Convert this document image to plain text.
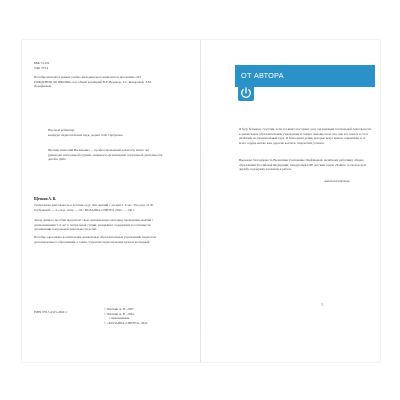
ББК 74.102

УДК 373.2

Пособие выходит в рамках учебно-методического комплекта к программе «ОТ РОЖДЕНИЯ ДО ШКОЛЫ» под общей редакцией Н.Е. Вераксы, Т.С. Комаровой, Э.М. Дорофеевой.

Научный редактор:

кандидат педагогических наук, доцент О.Ф. Горбунова.

Щеткин Анатолий Васильевич — профессиональный режиссёр, много лет руководил театральной студией, занимался организацией театральной деятельности детей в ДОО.

Щеткин А. В.

Театральная деятельность в детском саду. Для занятий с детьми 5–6 лет / Под ред. О. Ф. Горбуновой. — 2-е изд., испр. — М.: МОЗАИКА-СИНТЕЗ, 2022. — 136 с.

Автор данного пособия предлагает свою оригинальную методику проведения занятий с дошкольниками 5–6 лет в театральной студии, раскрывает содержание и особенности организации театральной деятельности детей.

Пособие адресовано воспитателям дошкольных образовательных учреждений, педагогам дополнительного образования, а также студентам педагогических вузов и колледжей.

ISBN 978-5-4315-2609-1

© Щеткин А. В., 2007

© Щеткин А. В., 2022,

с изменениями

© «МОЗАИКА-СИНТЕЗ», 2022

ОТ АВТОРА

Я буду безмерно счастлив, если эта книга послужит делу организации театральной деятельности в дошкольном образовательном учреждении и окажет помощь всем, кто, как и я, взялся за этот нелёгкий, но увлекательный труд. Я благодарен детям, которые ведут меня к открытиям, и от всего сердца желаю вам, дорогие коллеги, творческих успехов.

Выражаю благодарность Валентине Степановне Парфёновой, почётному работнику общего образования Российской Федерации, заведующей ЦРР детским садом «Чайка» за творческую дружбу, поддержку и помощь в работе.

Анатолий Щеткин

3
